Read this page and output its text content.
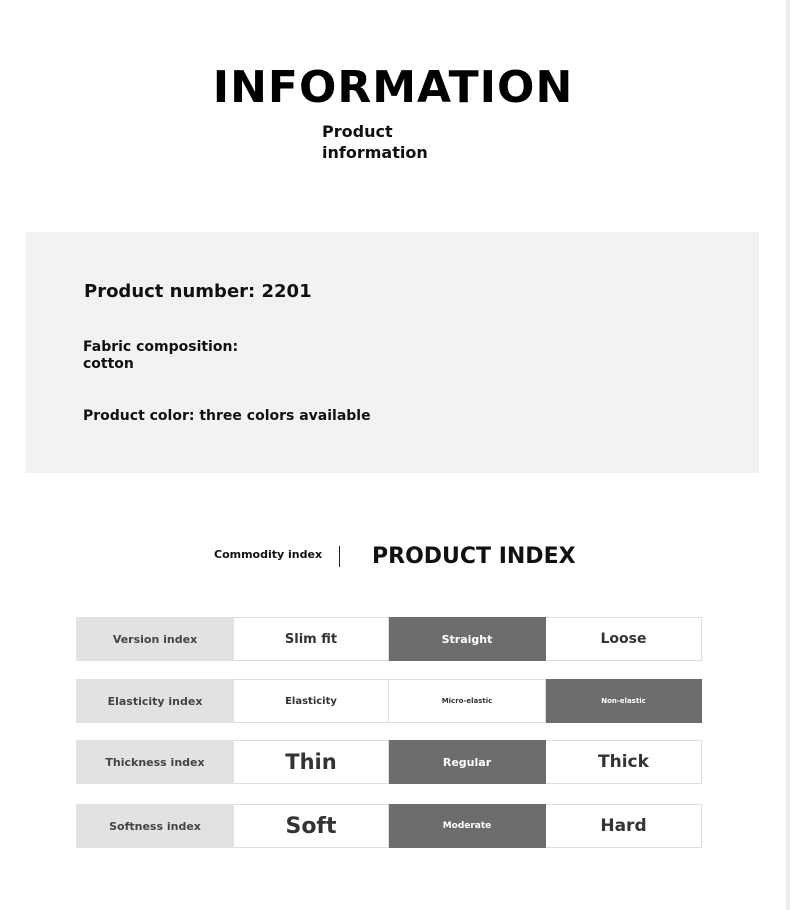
INFORMATION
Product
information
Product number: 2201
Fabric composition:
cotton
Product color: three colors available
Commodity index PRODUCT INDEX
Version index	Slim fit	Straight	Loose
Elasticity index	Elasticity	Micro-elastic	Non-elastic
Thickness index	Thin	Regular	Thick
Softness index	Soft	Moderate	Hard
